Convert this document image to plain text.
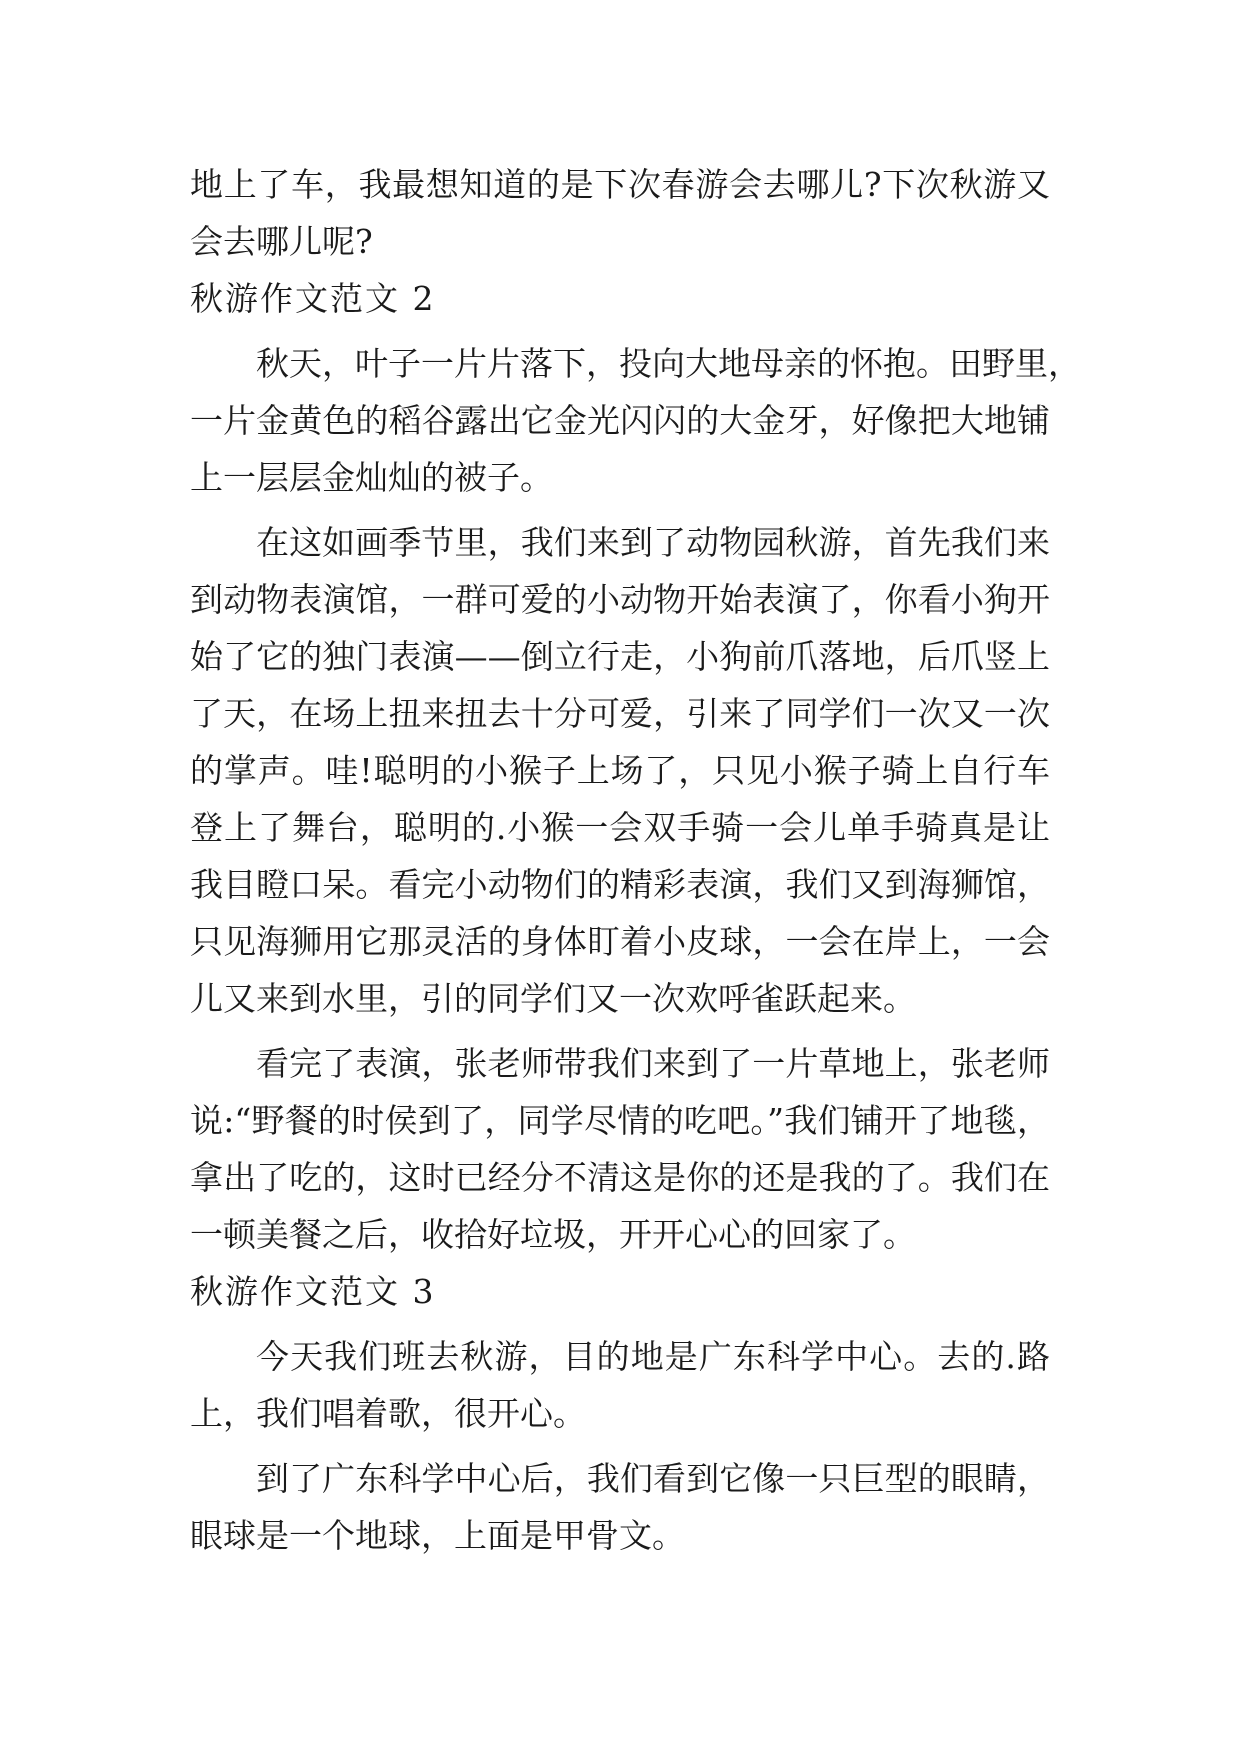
地上了车，我最想知道的是下次春游会去哪儿?下次秋游又
会去哪儿呢?
秋游作文范文 2
秋天，叶子一片片落下，投向大地母亲的怀抱。田野里，
一片金黄色的稻谷露出它金光闪闪的大金牙，好像把大地铺
上一层层金灿灿的被子。
在这如画季节里，我们来到了动物园秋游，首先我们来
到动物表演馆，一群可爱的小动物开始表演了，你看小狗开
始了它的独门表演——倒立行走，小狗前爪落地，后爪竖上
了天，在场上扭来扭去十分可爱，引来了同学们一次又一次
的掌声。哇!聪明的小猴子上场了，只见小猴子骑上自行车
登上了舞台，聪明的.小猴一会双手骑一会儿单手骑真是让
我目瞪口呆。看完小动物们的精彩表演，我们又到海狮馆，
只见海狮用它那灵活的身体盯着小皮球，一会在岸上，一会
儿又来到水里，引的同学们又一次欢呼雀跃起来。
看完了表演，张老师带我们来到了一片草地上，张老师
说:“野餐的时侯到了，同学尽情的吃吧。”我们铺开了地毯，
拿出了吃的，这时已经分不清这是你的还是我的了。我们在
一顿美餐之后，收拾好垃圾，开开心心的回家了。
秋游作文范文 3
今天我们班去秋游，目的地是广东科学中心。去的.路
上，我们唱着歌，很开心。
到了广东科学中心后，我们看到它像一只巨型的眼睛，
眼球是一个地球，上面是甲骨文。
